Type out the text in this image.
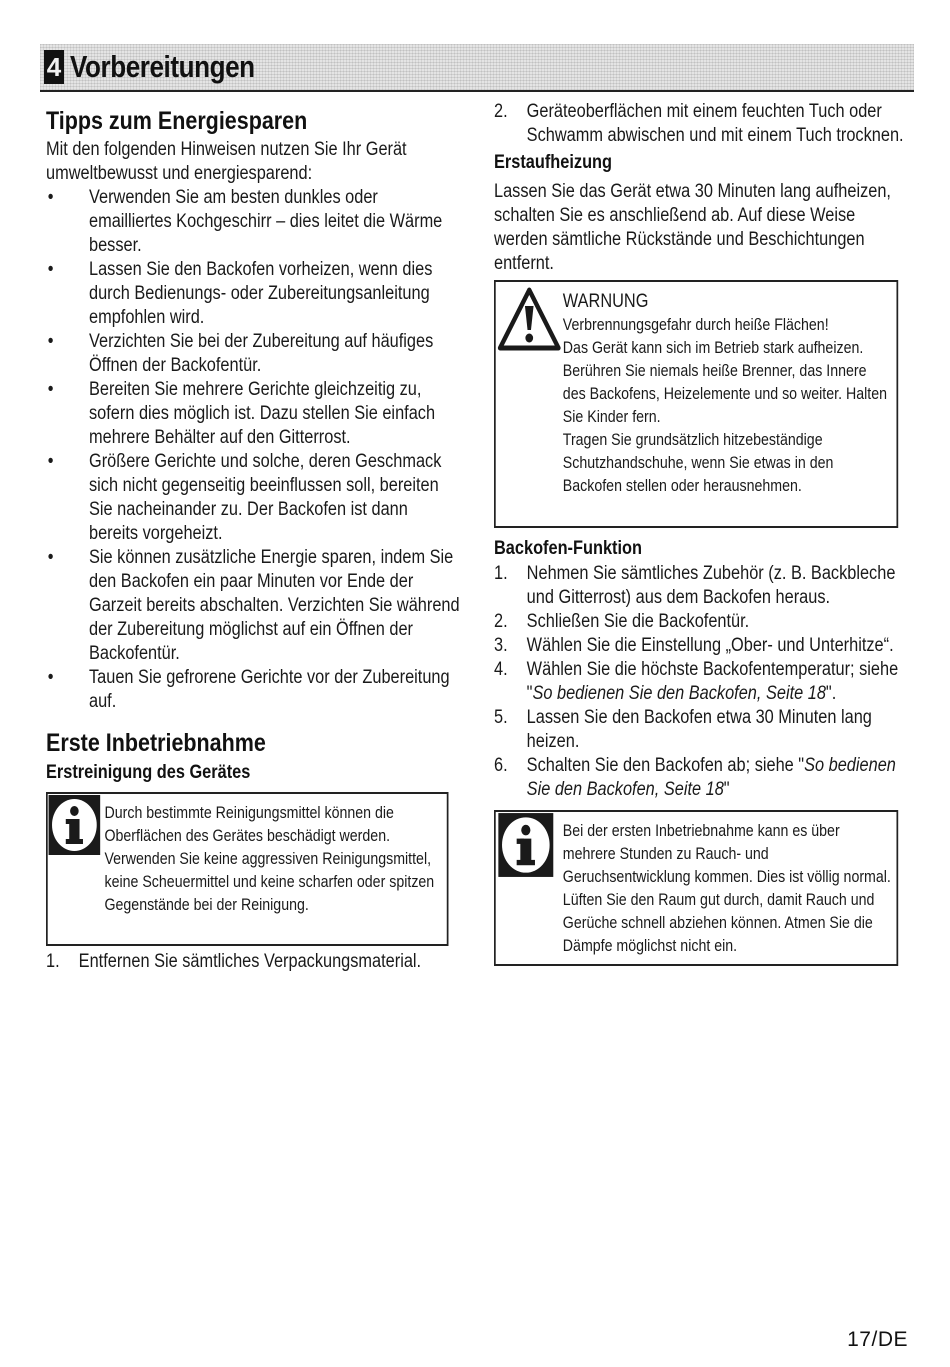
4 Vorbereitungen
Tipps zum Energiesparen

Mit den folgenden Hinweisen nutzen Sie Ihr Gerät umweltbewusst und energiesparend:

• Verwenden Sie am besten dunkles oder emailliertes Kochgeschirr – dies leitet die Wärme besser.
• Lassen Sie den Backofen vorheizen, wenn dies durch Bedienungs- oder Zubereitungsanleitung empfohlen wird.
• Verzichten Sie bei der Zubereitung auf häufiges Öffnen der Backofentür.
• Bereiten Sie mehrere Gerichte gleichzeitig zu, sofern dies möglich ist. Dazu stellen Sie einfach mehrere Behälter auf den Gitterrost.
• Größere Gerichte und solche, deren Geschmack sich nicht gegenseitig beeinflussen soll, bereiten Sie nacheinander zu. Der Backofen ist dann bereits vorgeheizt.
• Sie können zusätzliche Energie sparen, indem Sie den Backofen ein paar Minuten vor Ende der Garzeit bereits abschalten. Verzichten Sie während der Zubereitung möglichst auf ein Öffnen der Backofentür.
• Tauen Sie gefrorene Gerichte vor der Zubereitung auf.
Erste Inbetriebnahme
Erstreinigung des Gerätes
Durch bestimmte Reinigungsmittel können die Oberflächen des Gerätes beschädigt werden. Verwenden Sie keine aggressiven Reinigungsmittel, keine Scheuermittel und keine scharfen oder spitzen Gegenstände bei der Reinigung.
1. Entfernen Sie sämtliches Verpackungsmaterial.
2. Geräteoberflächen mit einem feuchten Tuch oder Schwamm abwischen und mit einem Tuch trocknen.
Erstaufheizung

Lassen Sie das Gerät etwa 30 Minuten lang aufheizen, schalten Sie es anschließend ab. Auf diese Weise werden sämtliche Rückstände und Beschichtungen entfernt.

WARNUNG

Verbrennungsgefahr durch heiße Flächen!

Das Gerät kann sich im Betrieb stark aufheizen. Berühren Sie niemals heiße Brenner, das Innere des Backofens, Heizelemente und so weiter. Halten Sie Kinder fern.

Tragen Sie grundsätzlich hitzebeständige Schutzhandschuhe, wenn Sie etwas in den Backofen stellen oder herausnehmen.

Backofen-Funktion
1. Nehmen Sie sämtliches Zubehör (z. B. Backbleche und Gitterrost) aus dem Backofen heraus.
2. Schließen Sie die Backofentür.
3. Wählen Sie die Einstellung „Ober- und Unterhitze“.
4. Wählen Sie die höchste Backofentemperatur; siehe "So bedienen Sie den Backofen, Seite 18".
5. Lassen Sie den Backofen etwa 30 Minuten lang heizen.
6. Schalten Sie den Backofen ab; siehe "So bedienen Sie den Backofen, Seite 18"
Bei der ersten Inbetriebnahme kann es über mehrere Stunden zu Rauch- und Geruchsentwicklung kommen. Dies ist völlig normal. Lüften Sie den Raum gut durch, damit Rauch und Gerüche schnell abziehen können. Atmen Sie die Dämpfe möglichst nicht ein.
17/DE
